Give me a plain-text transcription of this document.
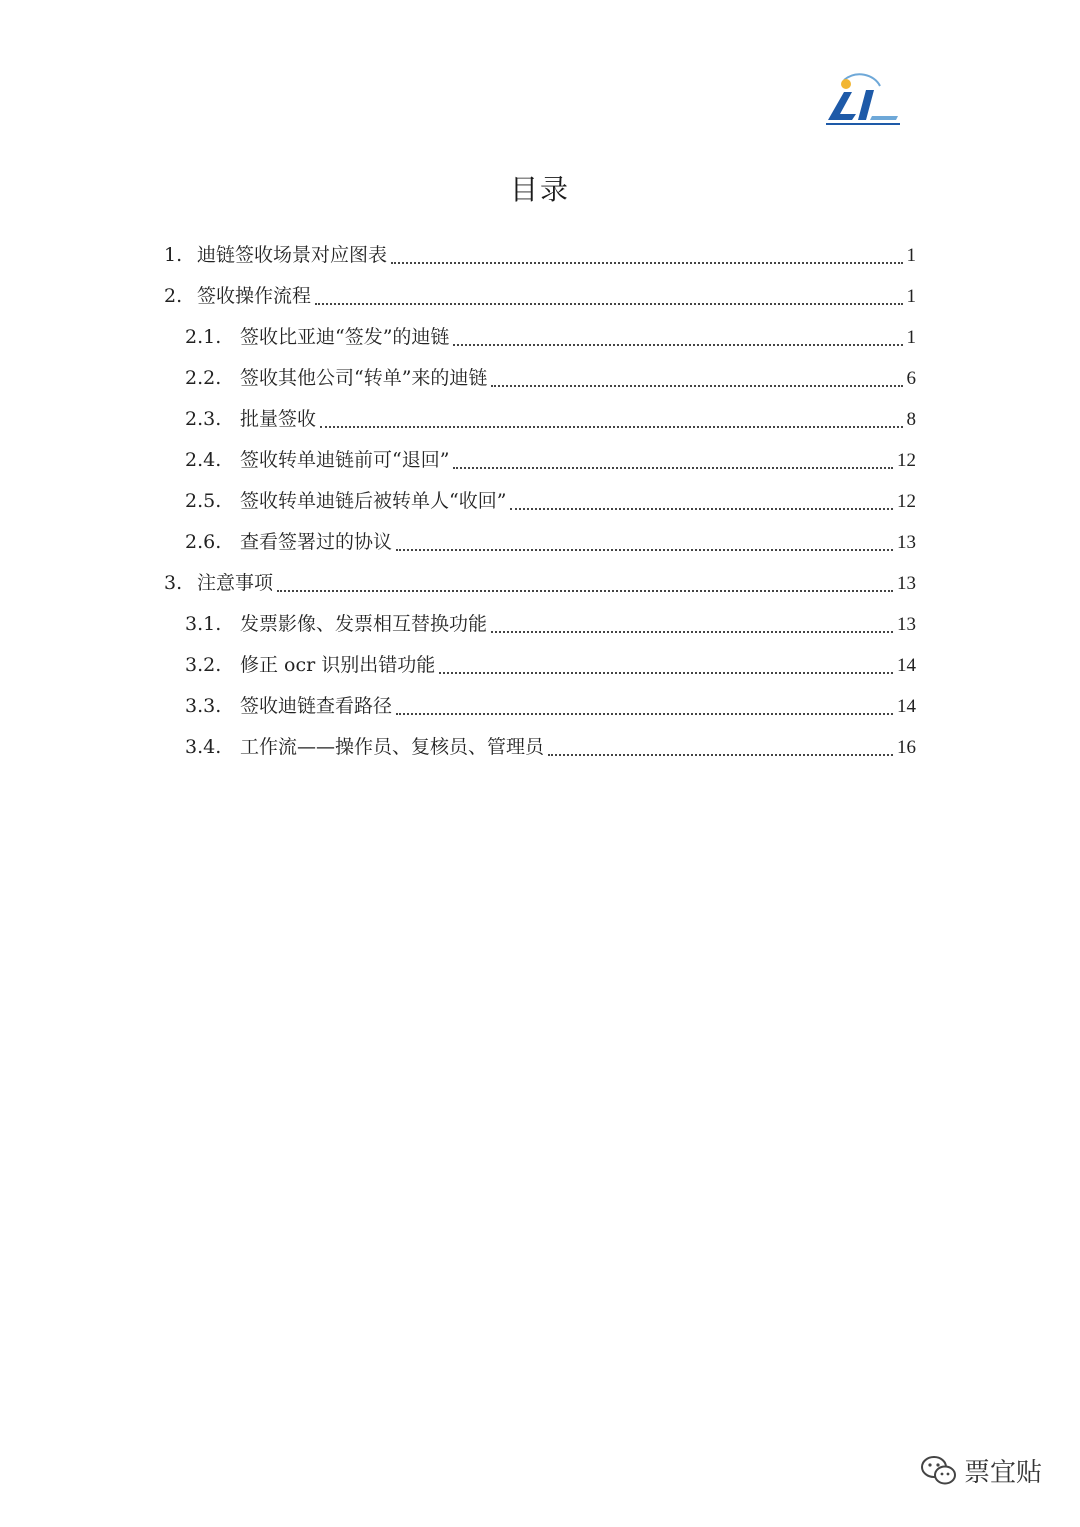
目录
1. 迪链签收场景对应图表	1
2. 签收操作流程	1
2.1. 签收比亚迪“签发”的迪链	1
2.2. 签收其他公司“转单”来的迪链	6
2.3. 批量签收	8
2.4. 签收转单迪链前可“退回”	12
2.5. 签收转单迪链后被转单人“收回”	12
2.6. 查看签署过的协议	13
3. 注意事项	13
3.1. 发票影像、发票相互替换功能	13
3.2. 修正 ocr 识别出错功能	14
3.3. 签收迪链查看路径	14
3.4. 工作流——操作员、复核员、管理员	16
票宜贴
